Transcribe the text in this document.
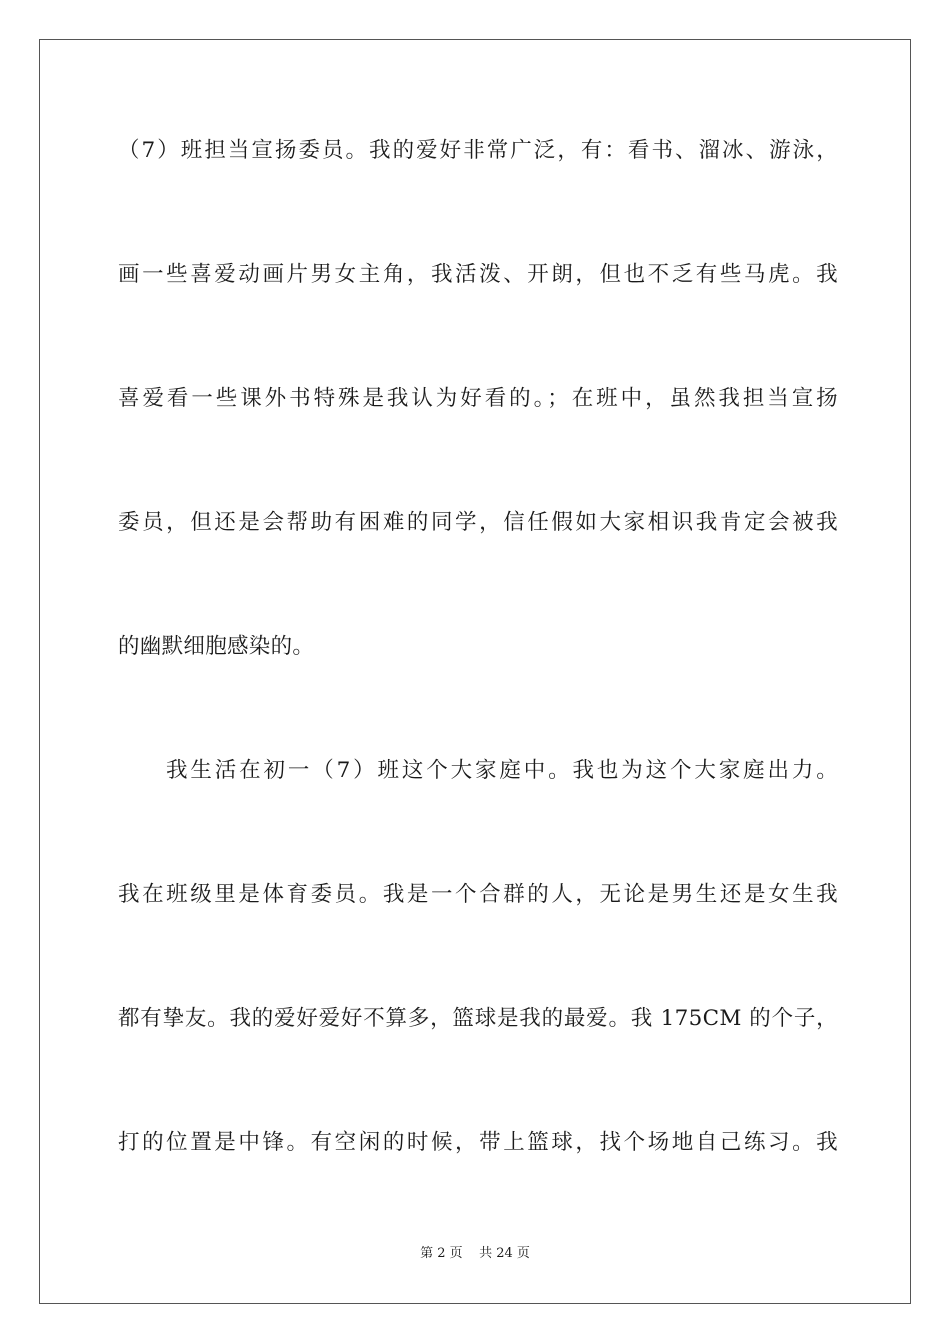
（7）班担当宣扬委员。我的爱好非常广泛，有：看书、溜冰、游泳，
画一些喜爱动画片男女主角，我活泼、开朗，但也不乏有些马虎。我
喜爱看一些课外书特殊是我认为好看的。；在班中，虽然我担当宣扬
委员，但还是会帮助有困难的同学，信任假如大家相识我肯定会被我
的幽默细胞感染的。
我生活在初一（7）班这个大家庭中。我也为这个大家庭出力。
我在班级里是体育委员。我是一个合群的人，无论是男生还是女生我
都有挚友。我的爱好爱好不算多，篮球是我的最爱。我 175CM 的个子，
打的位置是中锋。有空闲的时候，带上篮球，找个场地自己练习。我
第 2 页    共 24 页
